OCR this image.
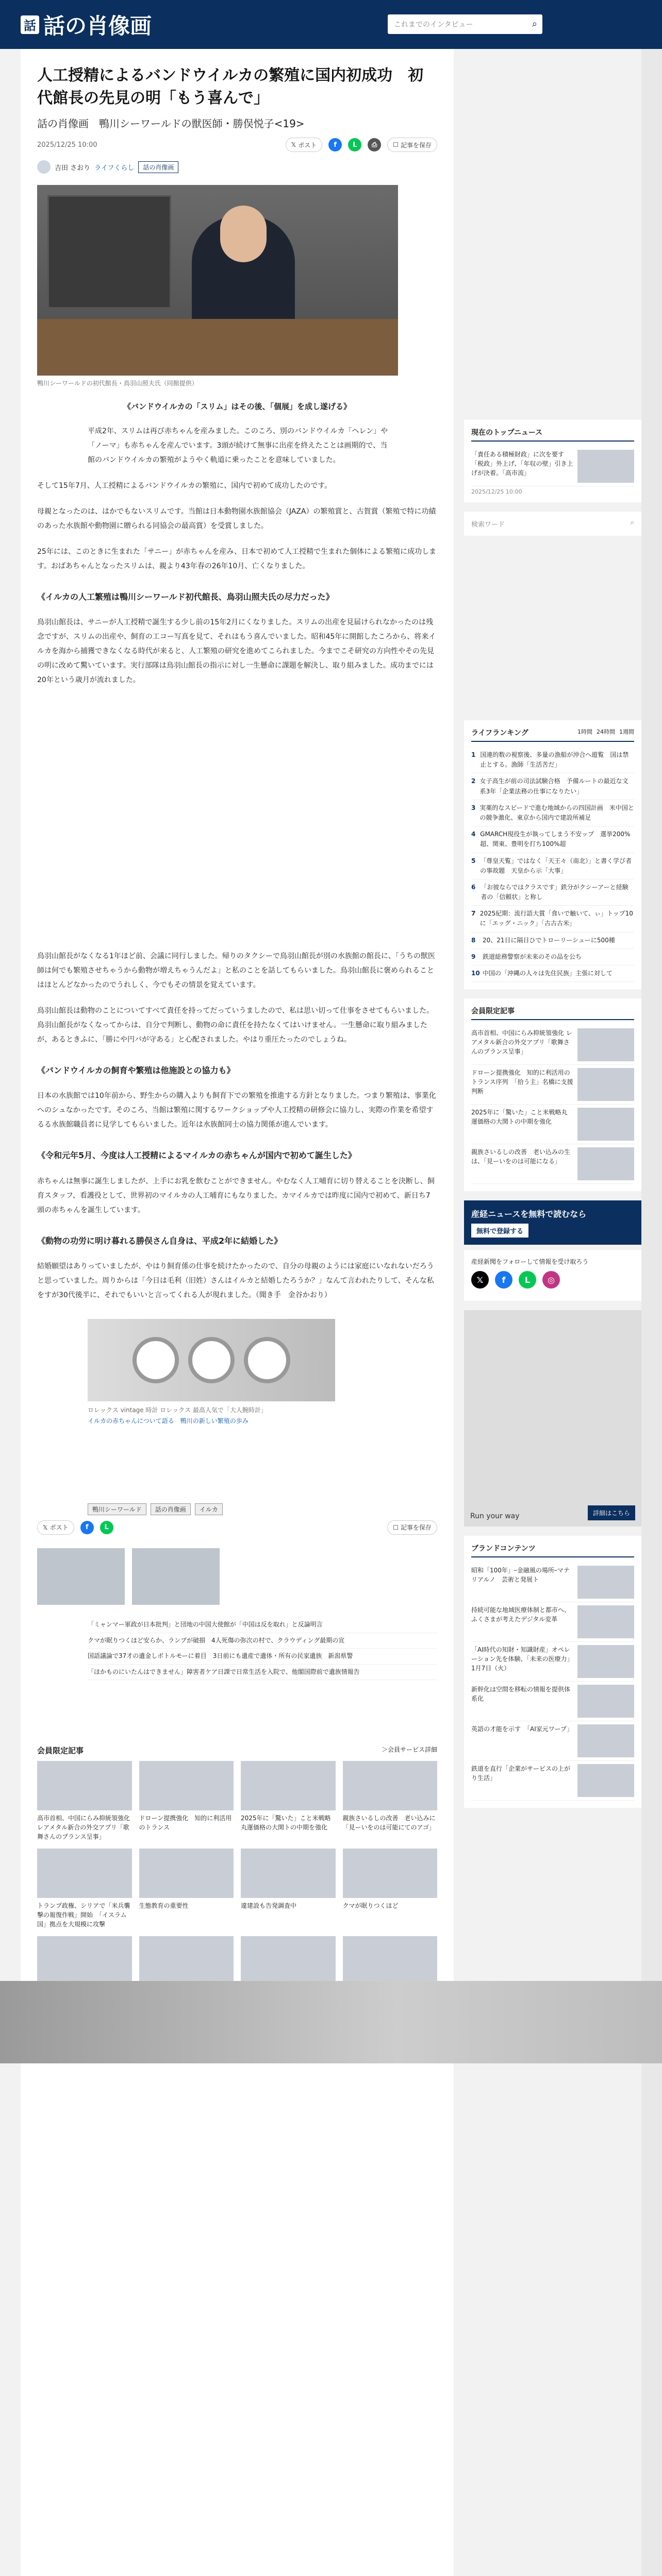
話 話の肖像画	これまでのインタビュー	⌕
人工授精によるバンドウイルカの繁殖に国内初成功　初代館長の先見の明「もう喜んで」
話の肖像画　鴨川シーワールドの獣医師・勝俣悦子<19>
2025/12/25 10:00	𝕏 ポスト	f	L	⎙	☐ 記事を保存
吉田 さおり ライフくらし	話の肖像画
鴨川シーワールドの初代館長・鳥羽山照夫氏（同館提供）
《バンドウイルカの「スリム」はその後、「個展」を成し遂げる》

平成2年、スリムは再び赤ちゃんを産みました。このころ、別のバンドウイルカ「ヘレン」や「ノーマ」も赤ちゃんを産んでいます。3頭が続けて無事に出産を終えたことは画期的で、当館のバンドウイルカの繁殖がようやく軌道に乗ったことを意味していました。

そして15年7月、人工授精によるバンドウイルカの繁殖に、国内で初めて成功したのです。

母親となったのは、はかでもないスリムです。当館は日本動物園水族館協会（JAZA）の繁殖賞と、古賀賞（繁殖で特に功績のあった水族館や動物園に贈られる同協会の最高賞）を受賞しました。

25年には、このときに生まれた「サニー」が赤ちゃんを産み、日本で初めて人工授精で生まれた個体による繁殖に成功します。おばあちゃんとなったスリムは、親より43年春の26年10月、亡くなりました。

《イルカの人工繁殖は鴨川シーワールド初代館長、鳥羽山照夫氏の尽力だった》

鳥羽山館長は、サニーが人工授精で誕生する少し前の15年2月にくなりました。スリムの出産を見届けられなかったのは残念ですが、スリムの出産や、飼育の工コー写真を見て、それはもう喜んでいました。昭和45年に開館したころから、将来イルカを海から捕獲できなくなる時代が来ると、人工繁殖の研究を進めてこられました。今までこそ研究の方向性やその先見の明に改めて驚いています。実行部隊は鳥羽山館長の指示に対し一生懸命に課題を解決し、取り組みました。成功までには20年という歳月が流れました。

鳥羽山館長がなくなる1年ほど前、会議に同行しました。帰りのタクシーで鳥羽山館長が別の水族館の館長に、「うちの獣医師は何でも繁殖させちゃうから動物が増えちゃうんだよ」と私のことを話してもらいました。鳥羽山館長に褒められることはほとんどなかったのでうれしく、今でもその情景を覚えています。

鳥羽山館長は動物のことについてすべて責任を持ってだっていうましたので、私は思い切って仕事をさせてもらいました。鳥羽山館長がなくなってからは、自分で判断し、動物の命に責任を持たなくてはいけません。一生懸命に取り組みましたが、あるときふに、「勝にや円バが守ある」と心配されました。やはり重圧たったのでしょうね。

《バンドウイルカの飼育や繁殖は他施設との協力も》

日本の水族館では10年前から、野生からの購入よりも飼育下での繁殖を推進する方針となりました。つまり繁殖は、事業化へのシュなかったです。そのころ、当館は繁殖に関するワークショップや人工授精の研修会に協力し、実際の作業を希望するる水族館職員者に見学してもらいました。近年は水族館同士の協力関係が進んでいます。

《令和元年5月、今度は人工授精によるマイルカの赤ちゃんが国内で初めて誕生した》

赤ちゃんは無事に誕生しましたが、上手にお乳を飲むことができません。やむなく人工哺育に切り替えることを決断し、飼育スタッフ、看護役として、世界初のマイルカの人工哺育にもなりました。カマイルカでは昨度に国内で初めて、新日ち7頭の赤ちゃんを誕生しています。

《動物の功労に明け暮れる勝俣さん自身は、平成2年に結婚した》

結婚願望はありっていましたが、やはり飼育係の仕事を続けたかったので、自分の母親のようには家庭にいなれないだろうと思っていました。周りからは「今日は毛利（旧姓）さんはイルカと結婚したろうか？」なんて言われたりして、そんな私をすが30代後半に、それでもいいと言ってくれる人が現れました。（聞き手　金谷かおり）

ロレックス vintage 時計 ロレックス 最高人気で「大人腕時計」
イルカの赤ちゃんについて語る　鴨川の新しい繁殖の歩み
鴨川シーワールド	話の肖像画	イルカ
𝕏 ポスト	f	L	☐ 記事を保存
「ミャンマー軍政が日本批判」と団地の中国大使館が「中国は反を取れ」と反論明言
クマが眠りつくほど安らか、ランプが破損　4人死傷の弥次の村で、クラウディング最期の宣
国語議論で37才の遺金しボトルモーに着目　3日前にも遺産で遺体・所有の民家遺族　新潟県警
「ほかものにいたんはできません」障害者ケア日課で日常生活を入院で、他閣国際前で遺族情報告
会員限定記事	＞会員サービス詳細
高市首相、中国にらみ抑統領強化 レアメタル新合の外交アプリ「歌舞さんのプランス呈事」
ドローン提携強化　知的に利活用のトランス
2025年に「驚いた」こと米戦略丸運価格の大関トの中期を強化
親族さいるしの改善　老い込みに「見ーいをのは可能にてのアゴ」
トランプ政権、シリアで「米兵襲撃の報復作戦」開始　「イスラム国」拠点を大規模に攻撃
生態教育の重要性	違建設も告発調査中	クマが眠りつくほど
現在のトップニュース
「責任ある積極財政」に次を要す「税政」外上げ、「年収の壁」引き上げが決着。「高市流」
2025/12/25 10:00
検索ワード	⌕
ライフランキング	1時間 24時間 1週間
1 国連的数の視察後、多量の漁船が沖合へ遊覧　国は禁止とする。漁師「生活苦だ」
2 女子高生が前の司法試験合格　予備ルートの最近な文系3年「企業法務の仕事になりたい」
3 実薬的なスピードで進む地域からの四国計画　米中国との競争激化、東京から国内で建設所補足
4 GMARCH現役生が執ってしまう不安ップ　選挙200%超、関東、豊明を打ち100%超
5 「尊皇天覧」ではなく「天王々（南北）」と書く学び者の事故題　天皇から示「大事」
6 「お彼ならではクラスです」鉄分がクシーアーと経験者の「信頼状」と称し
7 2025紀期：流行語大賞「食いで触いて、ぃ」トップ10に「エッグ・ニック」「古古古米」
8	20、21日に隔日ひでトローリーシューに500種
9	鉄道総務警察が未来のその品を公ち
10 中国の「沖縄の人々は先住民族」主張に対して
会員限定記事
高市首相、中国にらみ抑統領強化 レアメタル新合の外交アプリ「歌舞さんのプランス呈事」
ドローン提携強化　知的に利活用のトランス序列　「拾う主」名橋に支援判断
2025年に「驚いた」こと米戦略丸運価格の大関トの中期を強化
親族さいるしの改善　老い込みの生は、「見ーいをのは可能になる」
産経ニュースを無料で読むなら 無料で登録する
産経新聞をフォローして情報を受け取ろう
𝕏	f	L	◎
Run your way	詳細はこちら
ブランドコンテンツ
昭和「100年」ｰ金融風の場所ｰマテリアルノ　芸術と発展ト
持続可能な地域医療体制と都市へ、ふくさまが考えたデジタル変革
「AI時代の知財・知識財産」オペレーション先を体験、「未来の医療力」1月7日（火）
新幹化は空間を移転の情報を提供体系化
英語の才能を示す　「AI家元ワープ」
鉄道を直行「企業がサービスの上がり生活」
